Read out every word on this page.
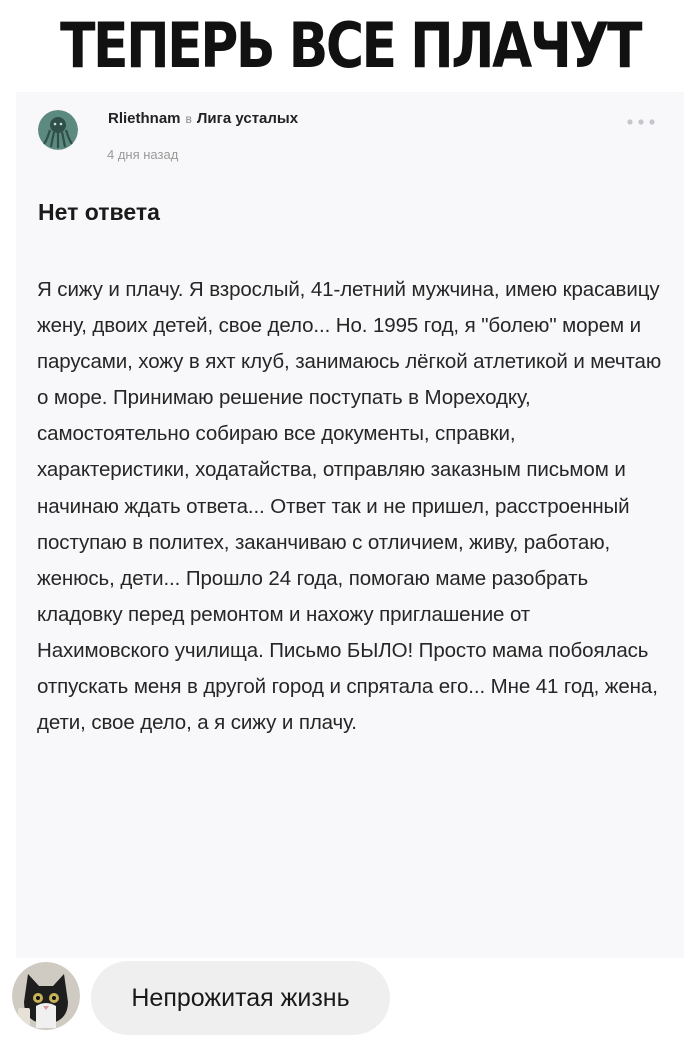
ТЕПЕРЬ ВСЕ ПЛАЧУТ
Rliethnam в Лига усталых
4 дня назад
Нет ответа
Я сижу и плачу. Я взрослый, 41-летний мужчина, имею красавицу жену, двоих детей, свое дело... Но. 1995 год, я "болею" морем и парусами, хожу в яхт клуб, занимаюсь лёгкой атлетикой и мечтаю о море. Принимаю решение поступать в Мореходку, самостоятельно собираю все документы, справки, характеристики, ходатайства, отправляю заказным письмом и начинаю ждать ответа... Ответ так и не пришел, расстроенный поступаю в политех, заканчиваю с отличием, живу, работаю, женюсь, дети... Прошло 24 года, помогаю маме разобрать кладовку перед ремонтом и нахожу приглашение от Нахимовского училища. Письмо БЫЛО! Просто мама побоялась отпускать меня в другой город и спрятала его... Мне 41 год, жена, дети, свое дело, а я сижу и плачу.
Непрожитая жизнь
